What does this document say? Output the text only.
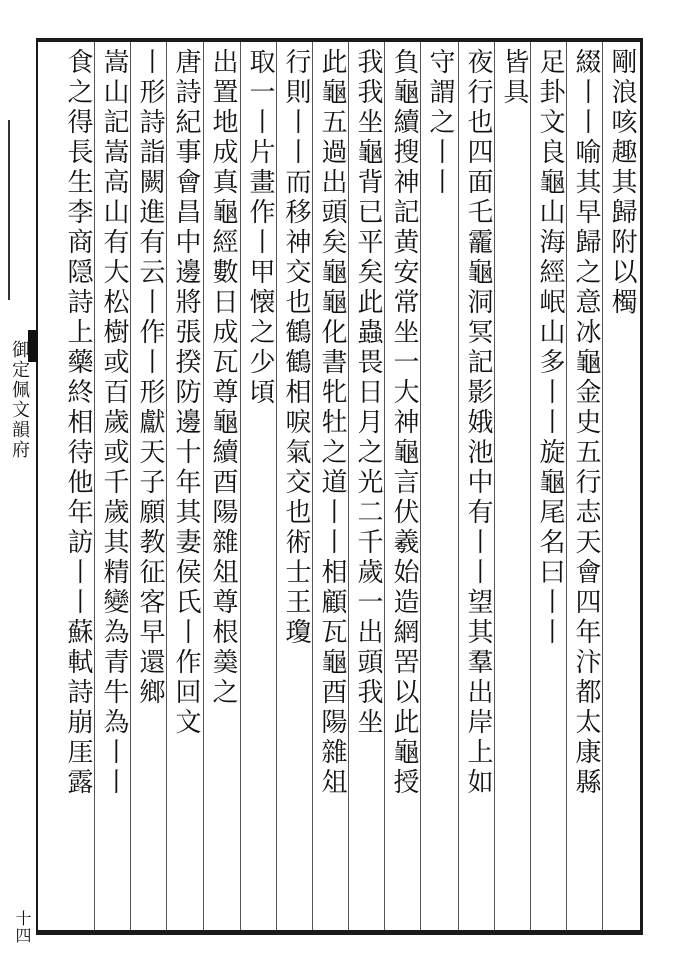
御定佩文韻府
十四
剛浪咳趣其歸附以㯮
綴丨丨喻其早歸之意冰龜金史五行志天會四年汴都太康縣
足卦文良龜山海經岷山多丨丨旋龜尾名曰丨丨
皆具
夜行也四面乇靇龜洞冥記影娥池中有丨丨望其羣出岸上如
守謂之丨丨
負龜續搜神記黄安常坐一大神龜言伏羲始造網罟以此龜授
我我坐龜背已平矣此蟲畏日月之光二千歲一出頭我坐
此龜五過出頭矣龜龜化書牝牡之道丨丨相顧瓦龜酉陽雜俎
行則丨丨而移神交也鶴鶴相唳氣交也術士王瓊
取一丨片畫作丨甲懐之少頃
出置地成真龜經數日成瓦尊龜續酉陽雜俎尊根羮之
唐詩紀事會昌中邊將張揆防邊十年其妻侯氏丨作回文
丨形詩詣闕進有云丨作丨形獻天子願教征客早還鄉
嵩山記嵩高山有大松樹或百歲或千歲其精變為青牛為丨丨
食之得長生李商隠詩上藥終相待他年訪丨丨蘇軾詩崩厓露
